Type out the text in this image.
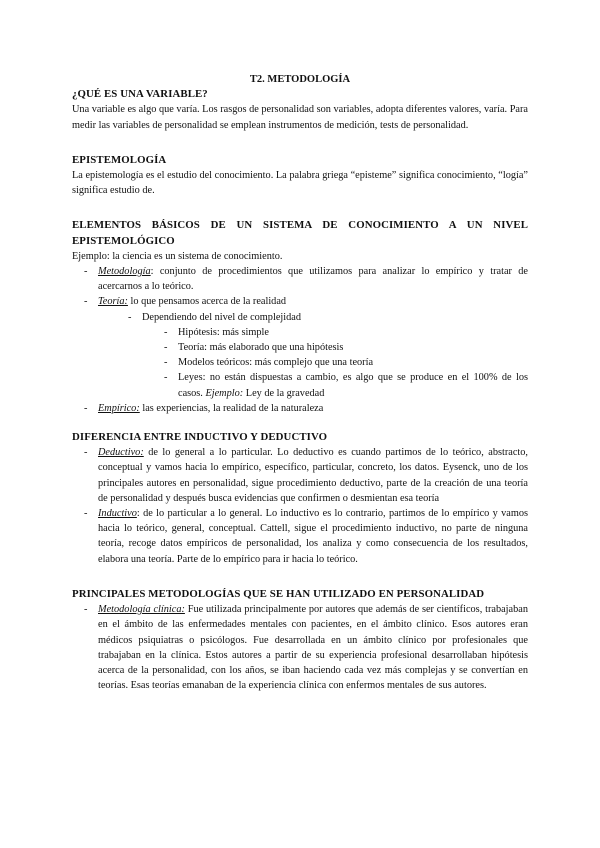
T2. METODOLOGÍA

¿QUÉ ES UNA VARIABLE?

Una variable es algo que varía. Los rasgos de personalidad son variables, adopta diferentes valores, varía. Para medir las variables de personalidad se emplean instrumentos de medición, tests de personalidad.

EPISTEMOLOGÍA

La epistemología es el estudio del conocimiento. La palabra griega “episteme” significa conocimiento, “logía” significa estudio de.

ELEMENTOS BÁSICOS DE UN SISTEMA DE CONOCIMIENTO A UN NIVEL EPISTEMOLÓGICO

Ejemplo: la ciencia es un sistema de conocimiento.

- Metodología: conjunto de procedimientos que utilizamos para analizar lo empírico y tratar de acercarnos a lo teórico.
- Teoría: lo que pensamos acerca de la realidad
- Dependiendo del nivel de complejidad
- Hipótesis: más simple
- Teoría: más elaborado que una hipótesis
- Modelos teóricos: más complejo que una teoría
- Leyes: no están dispuestas a cambio, es algo que se produce en el 100% de los casos. Ejemplo: Ley de la gravedad
- Empírico: las experiencias, la realidad de la naturaleza

DIFERENCIA ENTRE INDUCTIVO Y DEDUCTIVO

- Deductivo: de lo general a lo particular. Lo deductivo es cuando partimos de lo teórico, abstracto, conceptual y vamos hacia lo empírico, específico, particular, concreto, los datos. Eysenck, uno de los principales autores en personalidad, sigue procedimiento deductivo, parte de la creación de una teoría de personalidad y después busca evidencias que confirmen o desmientan esa teoría
- Inductivo: de lo particular a lo general. Lo inductivo es lo contrario, partimos de lo empírico y vamos hacia lo teórico, general, conceptual. Cattell, sigue el procedimiento inductivo, no parte de ninguna teoría, recoge datos empíricos de personalidad, los analiza y como consecuencia de los resultados, elabora una teoría. Parte de lo empírico para ir hacia lo teórico.

PRINCIPALES METODOLOGÍAS QUE SE HAN UTILIZADO EN PERSONALIDAD

- Metodología clínica: Fue utilizada principalmente por autores que además de ser científicos, trabajaban en el ámbito de las enfermedades mentales con pacientes, en el ámbito clínico. Esos autores eran médicos psiquiatras o psicólogos. Fue desarrollada en un ámbito clínico por profesionales que trabajaban en la clínica. Estos autores a partir de su experiencia profesional desarrollaban hipótesis acerca de la personalidad, con los años, se iban haciendo cada vez más complejas y se convertían en teorías. Esas teorías emanaban de la experiencia clínica con enfermos mentales de sus autores.
